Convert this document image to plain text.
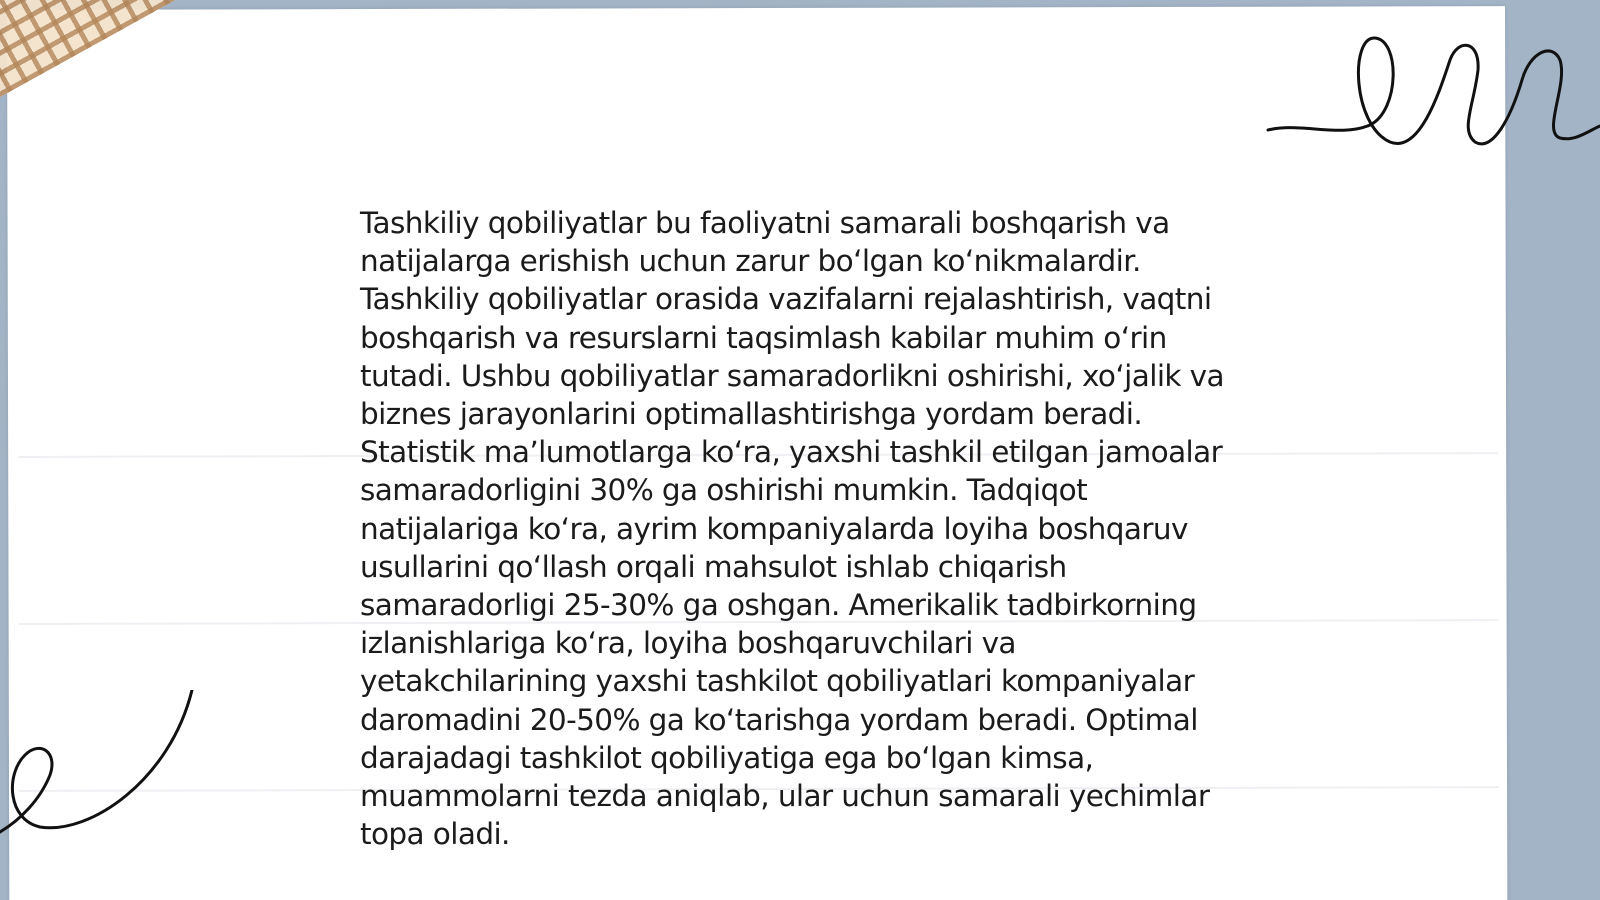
Tashkiliy qobiliyatlar bu faoliyatni samarali boshqarish va natijalarga erishish uchun zarur boʻlgan koʻnikmalardir. Tashkiliy qobiliyatlar orasida vazifalarni rejalashtirish, vaqtni boshqarish va resurslarni taqsimlash kabilar muhim oʻrin tutadi. Ushbu qobiliyatlar samaradorlikni oshirishi, xoʻjalik va biznes jarayonlarini optimallashtirishga yordam beradi.
Statistik maʼlumotlarga koʻra, yaxshi tashkil etilgan jamoalar samaradorligini 30% ga oshirishi mumkin. Tadqiqot natijalariga koʻra, ayrim kompaniyalarda loyiha boshqaruv usullarini qoʻllash orqali mahsulot ishlab chiqarish samaradorligi 25-30% ga oshgan. Amerikalik tadbirkorning izlanishlariga koʻra, loyiha boshqaruvchilari va yetakchilarining yaxshi tashkilot qobiliyatlari kompaniyalar daromadini 20-50% ga koʻtarishga yordam beradi. Optimal darajadagi tashkilot qobiliyatiga ega boʻlgan kimsa, muammolarni tezda aniqlab, ular uchun samarali yechimlar topa oladi.
